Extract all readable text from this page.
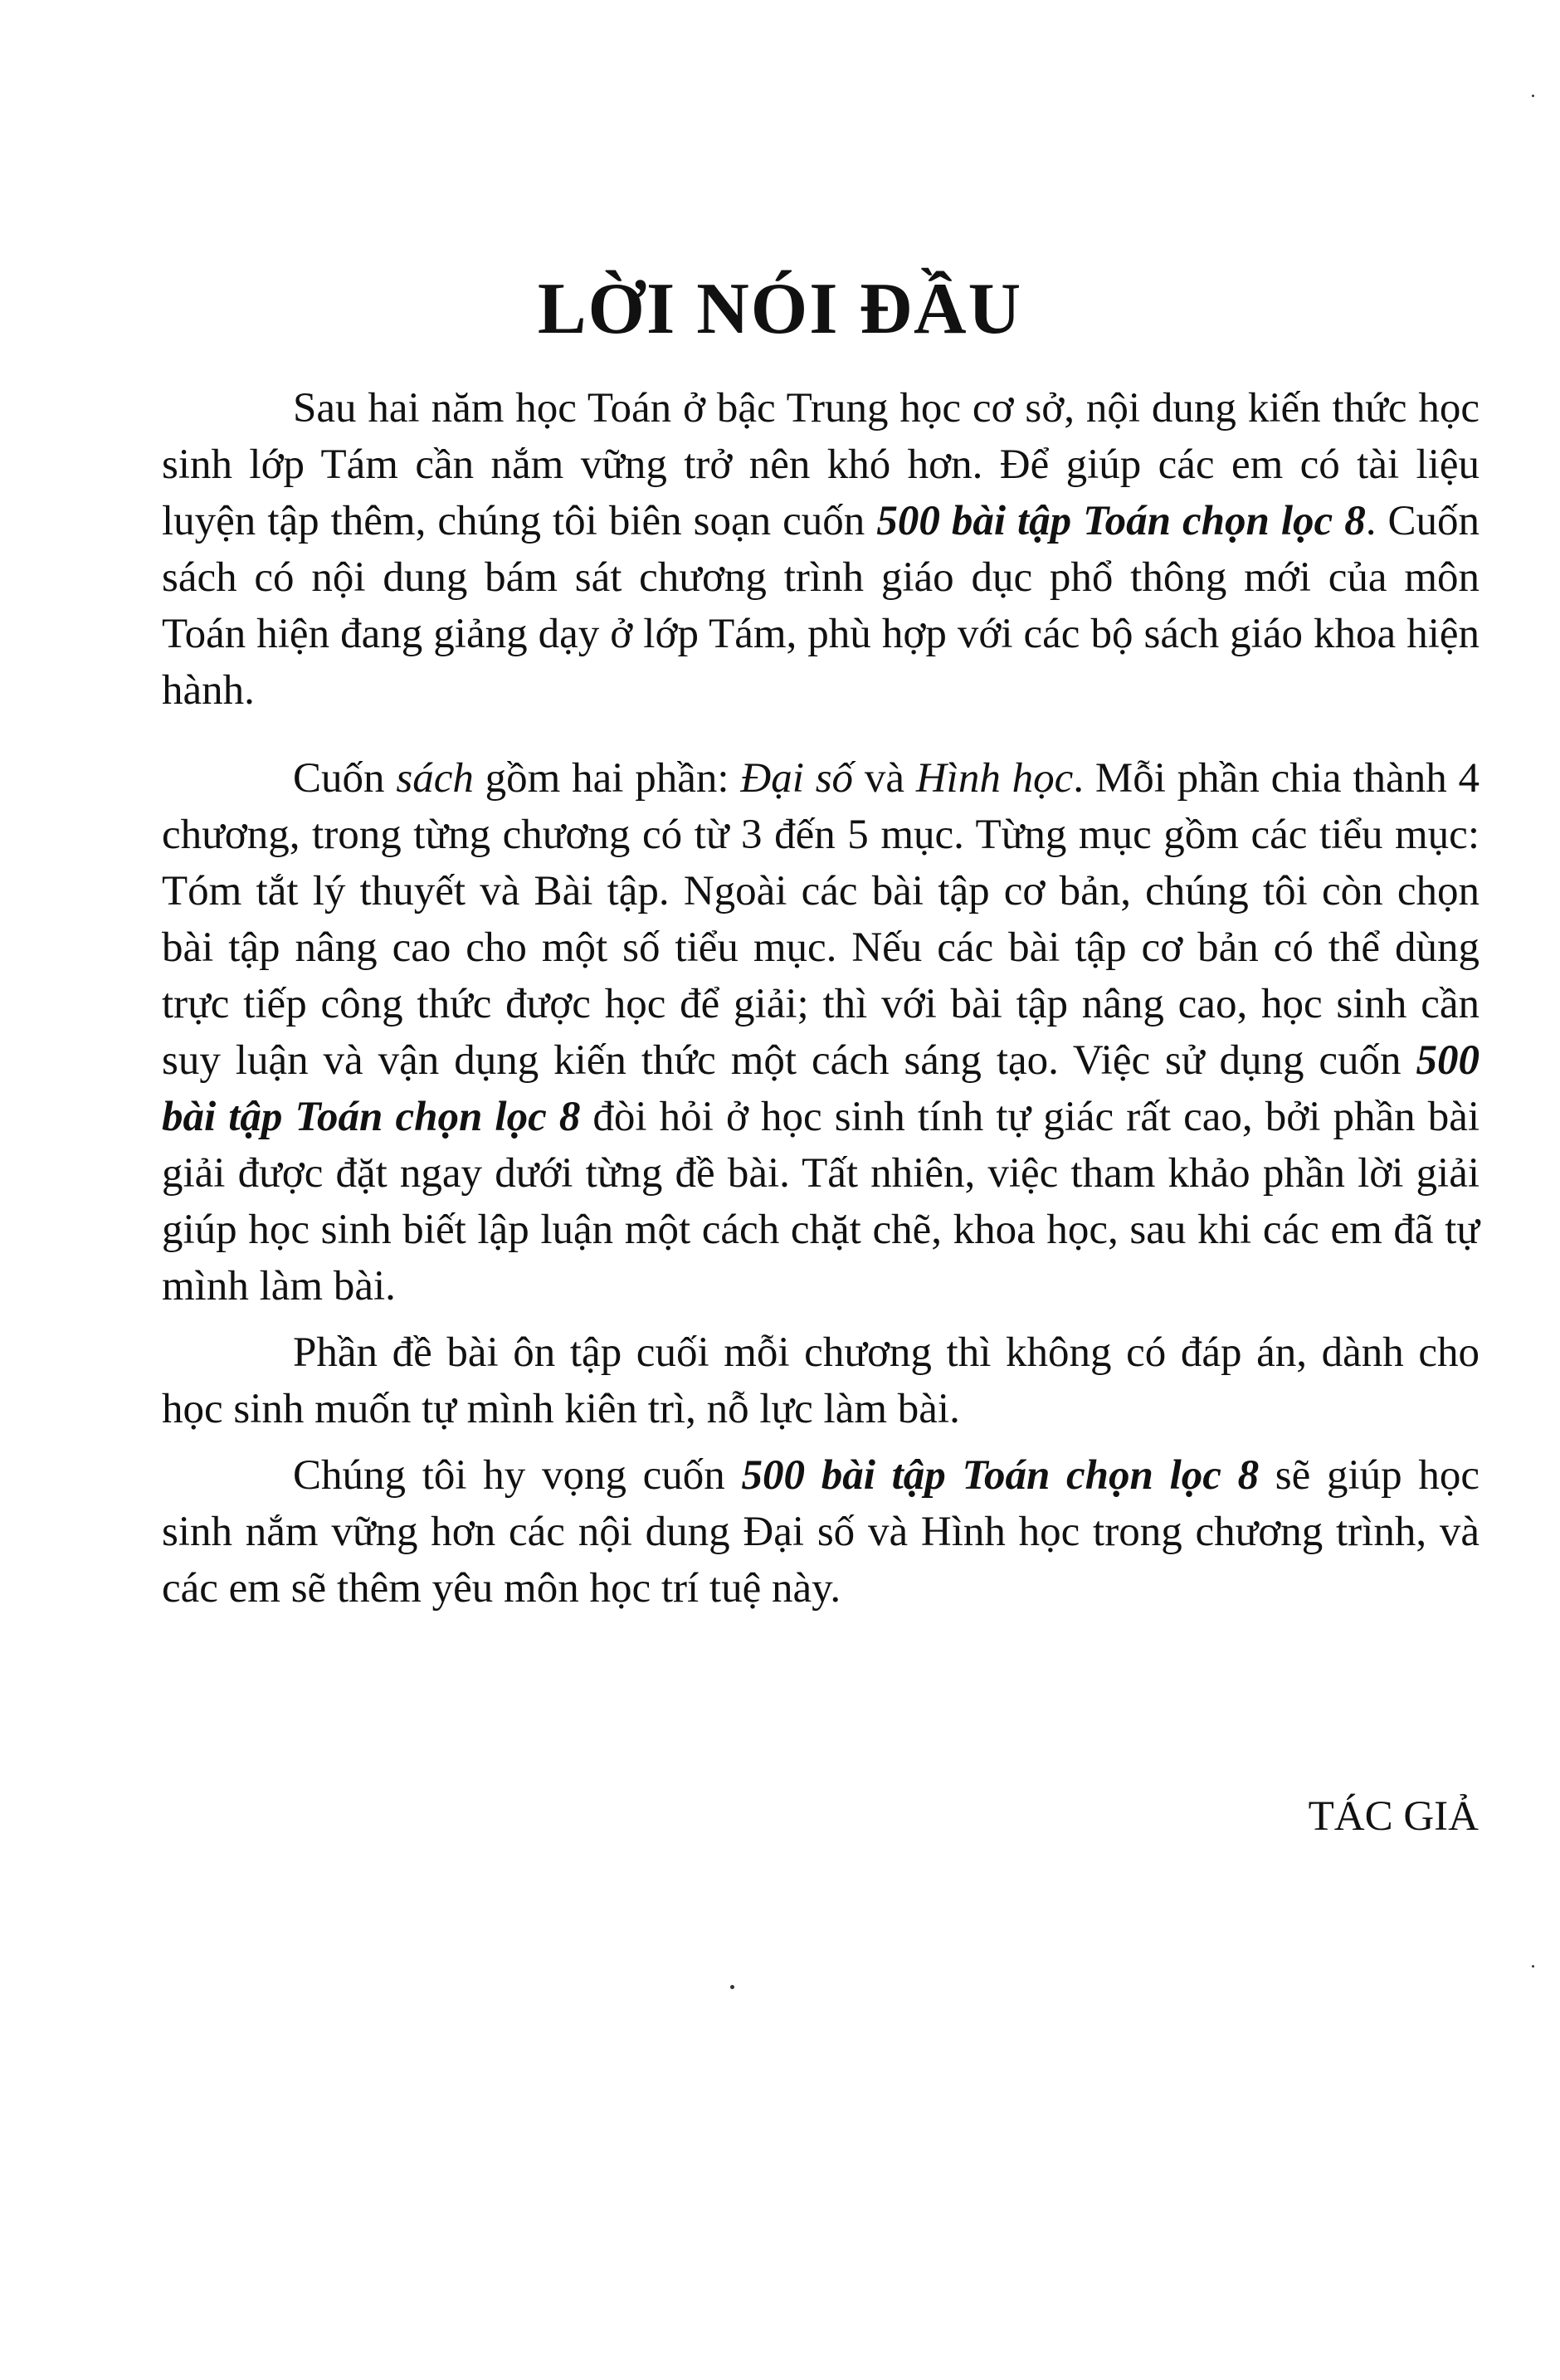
LỜI NÓI ĐẦU

Sau hai năm học Toán ở bậc Trung học cơ sở, nội dung kiến thức học sinh lớp Tám cần nắm vững trở nên khó hơn. Để giúp các em có tài liệu luyện tập thêm, chúng tôi biên soạn cuốn 500 bài tập Toán chọn lọc 8. Cuốn sách có nội dung bám sát chương trình giáo dục phổ thông mới của môn Toán hiện đang giảng dạy ở lớp Tám, phù hợp với các bộ sách giáo khoa hiện hành.

Cuốn sách gồm hai phần: Đại số và Hình học. Mỗi phần chia thành 4 chương, trong từng chương có từ 3 đến 5 mục. Từng mục gồm các tiểu mục: Tóm tắt lý thuyết và Bài tập. Ngoài các bài tập cơ bản, chúng tôi còn chọn bài tập nâng cao cho một số tiểu mục. Nếu các bài tập cơ bản có thể dùng trực tiếp công thức được học để giải; thì với bài tập nâng cao, học sinh cần suy luận và vận dụng kiến thức một cách sáng tạo. Việc sử dụng cuốn 500 bài tập Toán chọn lọc 8 đòi hỏi ở học sinh tính tự giác rất cao, bởi phần bài giải được đặt ngay dưới từng đề bài. Tất nhiên, việc tham khảo phần lời giải giúp học sinh biết lập luận một cách chặt chẽ, khoa học, sau khi các em đã tự mình làm bài.

Phần đề bài ôn tập cuối mỗi chương thì không có đáp án, dành cho học sinh muốn tự mình kiên trì, nỗ lực làm bài.

Chúng tôi hy vọng cuốn 500 bài tập Toán chọn lọc 8 sẽ giúp học sinh nắm vững hơn các nội dung Đại số và Hình học trong chương trình, và các em sẽ thêm yêu môn học trí tuệ này.

TÁC GIẢ
